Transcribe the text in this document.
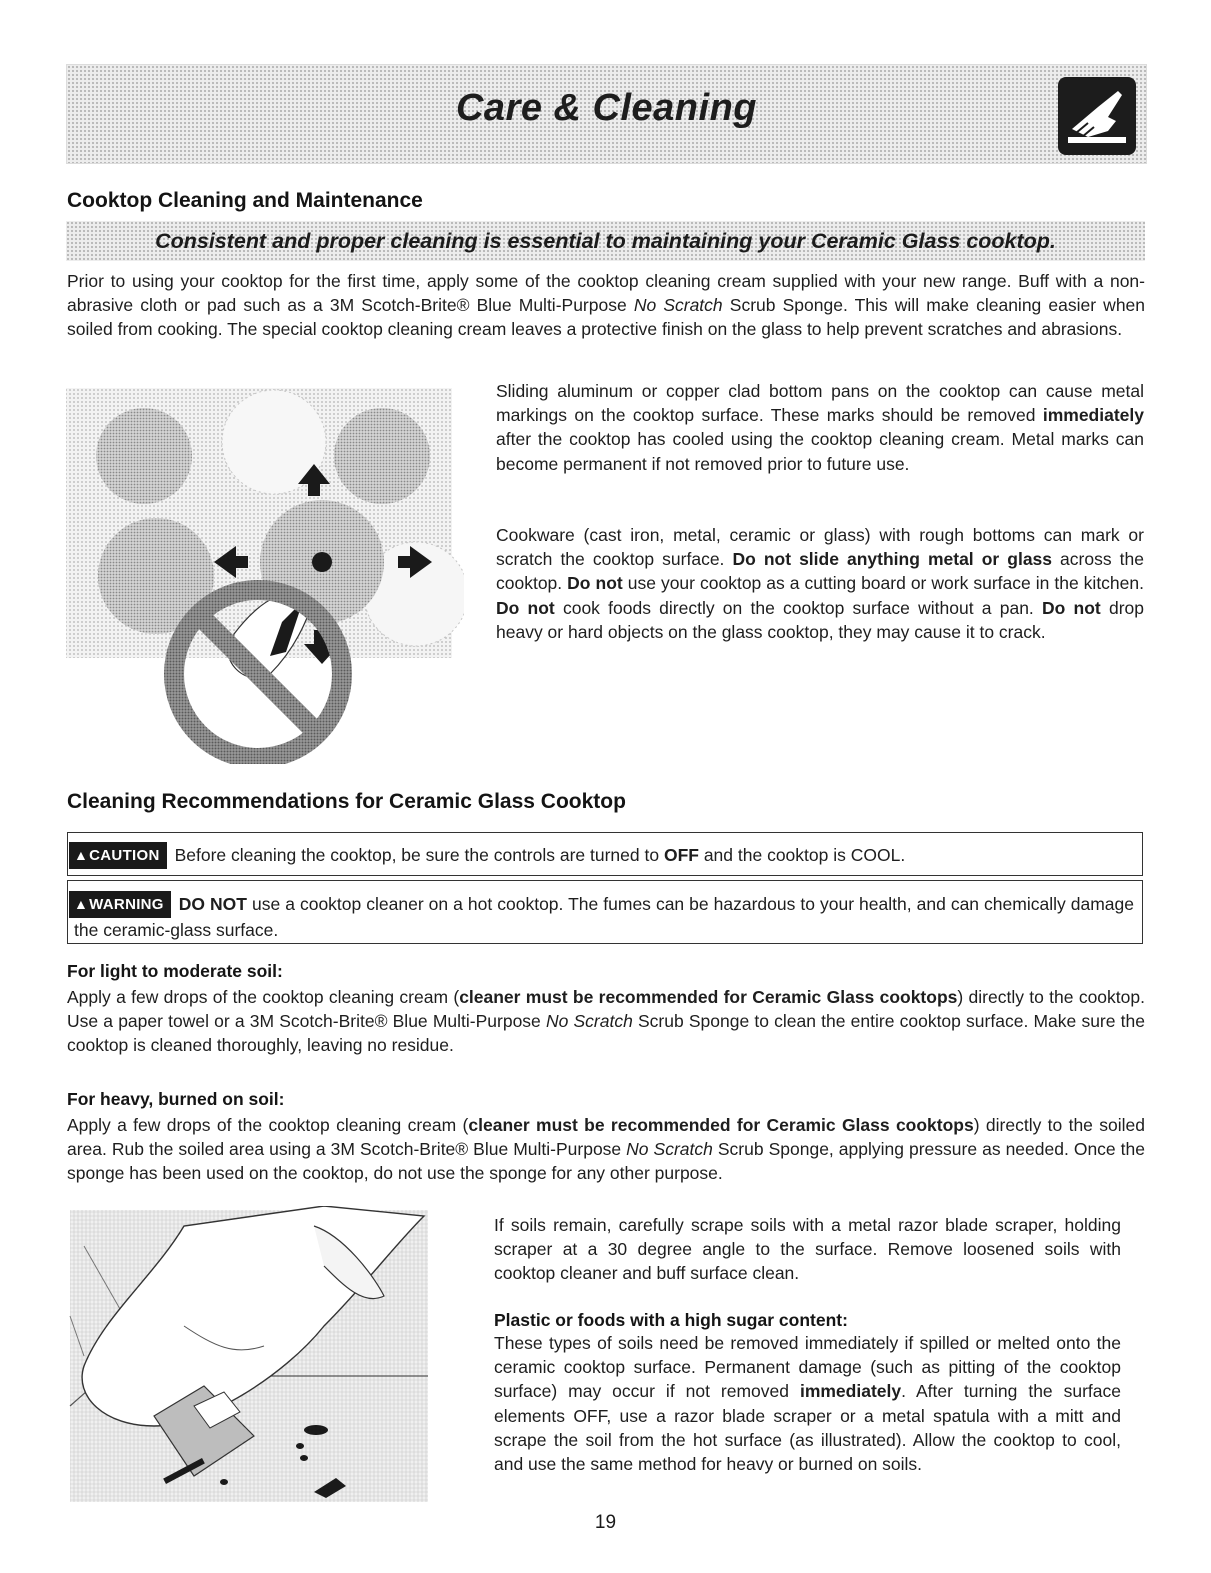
Care & Cleaning
Cooktop Cleaning and Maintenance
Consistent and proper cleaning is essential to maintaining your Ceramic Glass cooktop.

Prior to using your cooktop for the first time, apply some of the cooktop cleaning cream supplied with your new range. Buff with a non-abrasive cloth or pad such as a 3M Scotch-Brite® Blue Multi-Purpose No Scratch Scrub Sponge. This will make cleaning easier when soiled from cooking. The special cooktop cleaning cream leaves a protective finish on the glass to help prevent scratches and abrasions.

Sliding aluminum or copper clad bottom pans on the cooktop can cause metal markings on the cooktop surface. These marks should be removed immediately after the cooktop has cooled using the cooktop cleaning cream. Metal marks can become permanent if not removed prior to future use.

Cookware (cast iron, metal, ceramic or glass) with rough bottoms can mark or scratch the cooktop surface. Do not slide anything metal or glass across the cooktop. Do not use your cooktop as a cutting board or work surface in the kitchen. Do not cook foods directly on the cooktop surface without a pan. Do not drop heavy or hard objects on the glass cooktop, they may cause it to crack.

Cleaning Recommendations for Ceramic Glass Cooktop
▲CAUTION Before cleaning the cooktop, be sure the controls are turned to OFF and the cooktop is COOL.
▲WARNING DO NOT use a cooktop cleaner on a hot cooktop. The fumes can be hazardous to your health, and can chemically damage the ceramic-glass surface.

For light to moderate soil:

Apply a few drops of the cooktop cleaning cream (cleaner must be recommended for Ceramic Glass cooktops) directly to the cooktop. Use a paper towel or a 3M Scotch-Brite® Blue Multi-Purpose No Scratch Scrub Sponge to clean the entire cooktop surface. Make sure the cooktop is cleaned thoroughly, leaving no residue.

For heavy, burned on soil:

Apply a few drops of the cooktop cleaning cream (cleaner must be recommended for Ceramic Glass cooktops) directly to the soiled area. Rub the soiled area using a 3M Scotch-Brite® Blue Multi-Purpose No Scratch Scrub Sponge, applying pressure as needed. Once the sponge has been used on the cooktop, do not use the sponge for any other purpose.

If soils remain, carefully scrape soils with a metal razor blade scraper, holding scraper at a 30 degree angle to the surface. Remove loosened soils with cooktop cleaner and buff surface clean.

Plastic or foods with a high sugar content:

These types of soils need be removed immediately if spilled or melted onto the ceramic cooktop surface. Permanent damage (such as pitting of the cooktop surface) may occur if not removed immediately. After turning the surface elements OFF, use a razor blade scraper or a metal spatula with a mitt and scrape the soil from the hot surface (as illustrated). Allow the cooktop to cool, and use the same method for heavy or burned on soils.

19
